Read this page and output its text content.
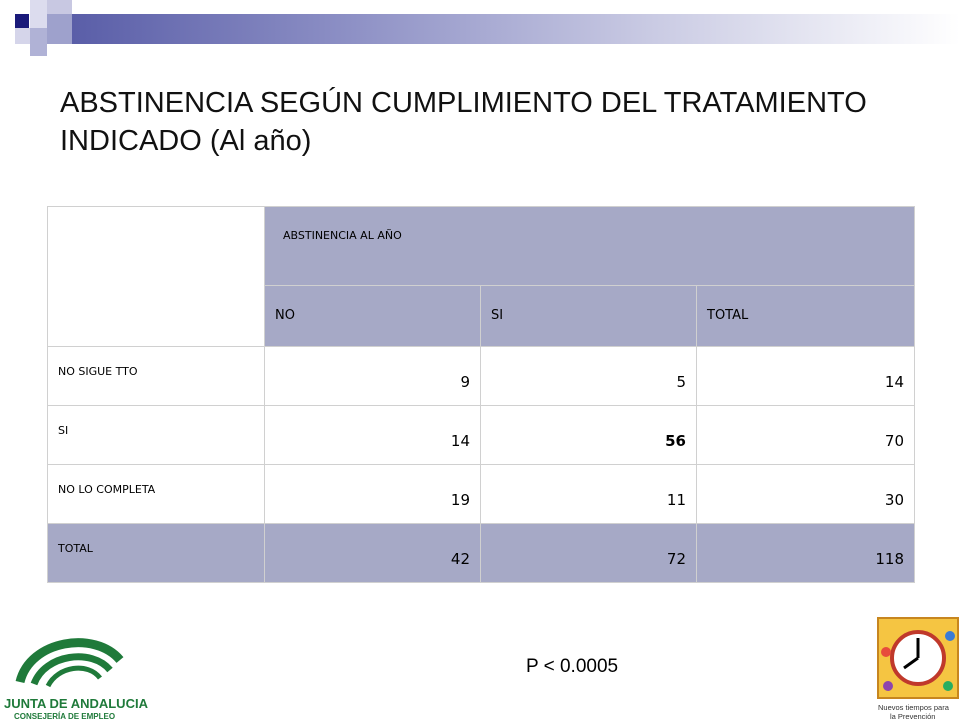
ABSTINENCIA SEGÚN CUMPLIMIENTO DEL TRATAMIENTO INDICADO (Al año)

	ABSTINENCIA AL AÑO		

	NO	SI	TOTAL

NO SIGUE TTO	9	5	14

SI	14	56	70

NO LO COMPLETA	19	11	30

TOTAL	42	72	118
P < 0.0005
JUNTA DE ANDALUCIA
CONSEJERÍA DE EMPLEO
Nuevos tiempos para
la Prevención
